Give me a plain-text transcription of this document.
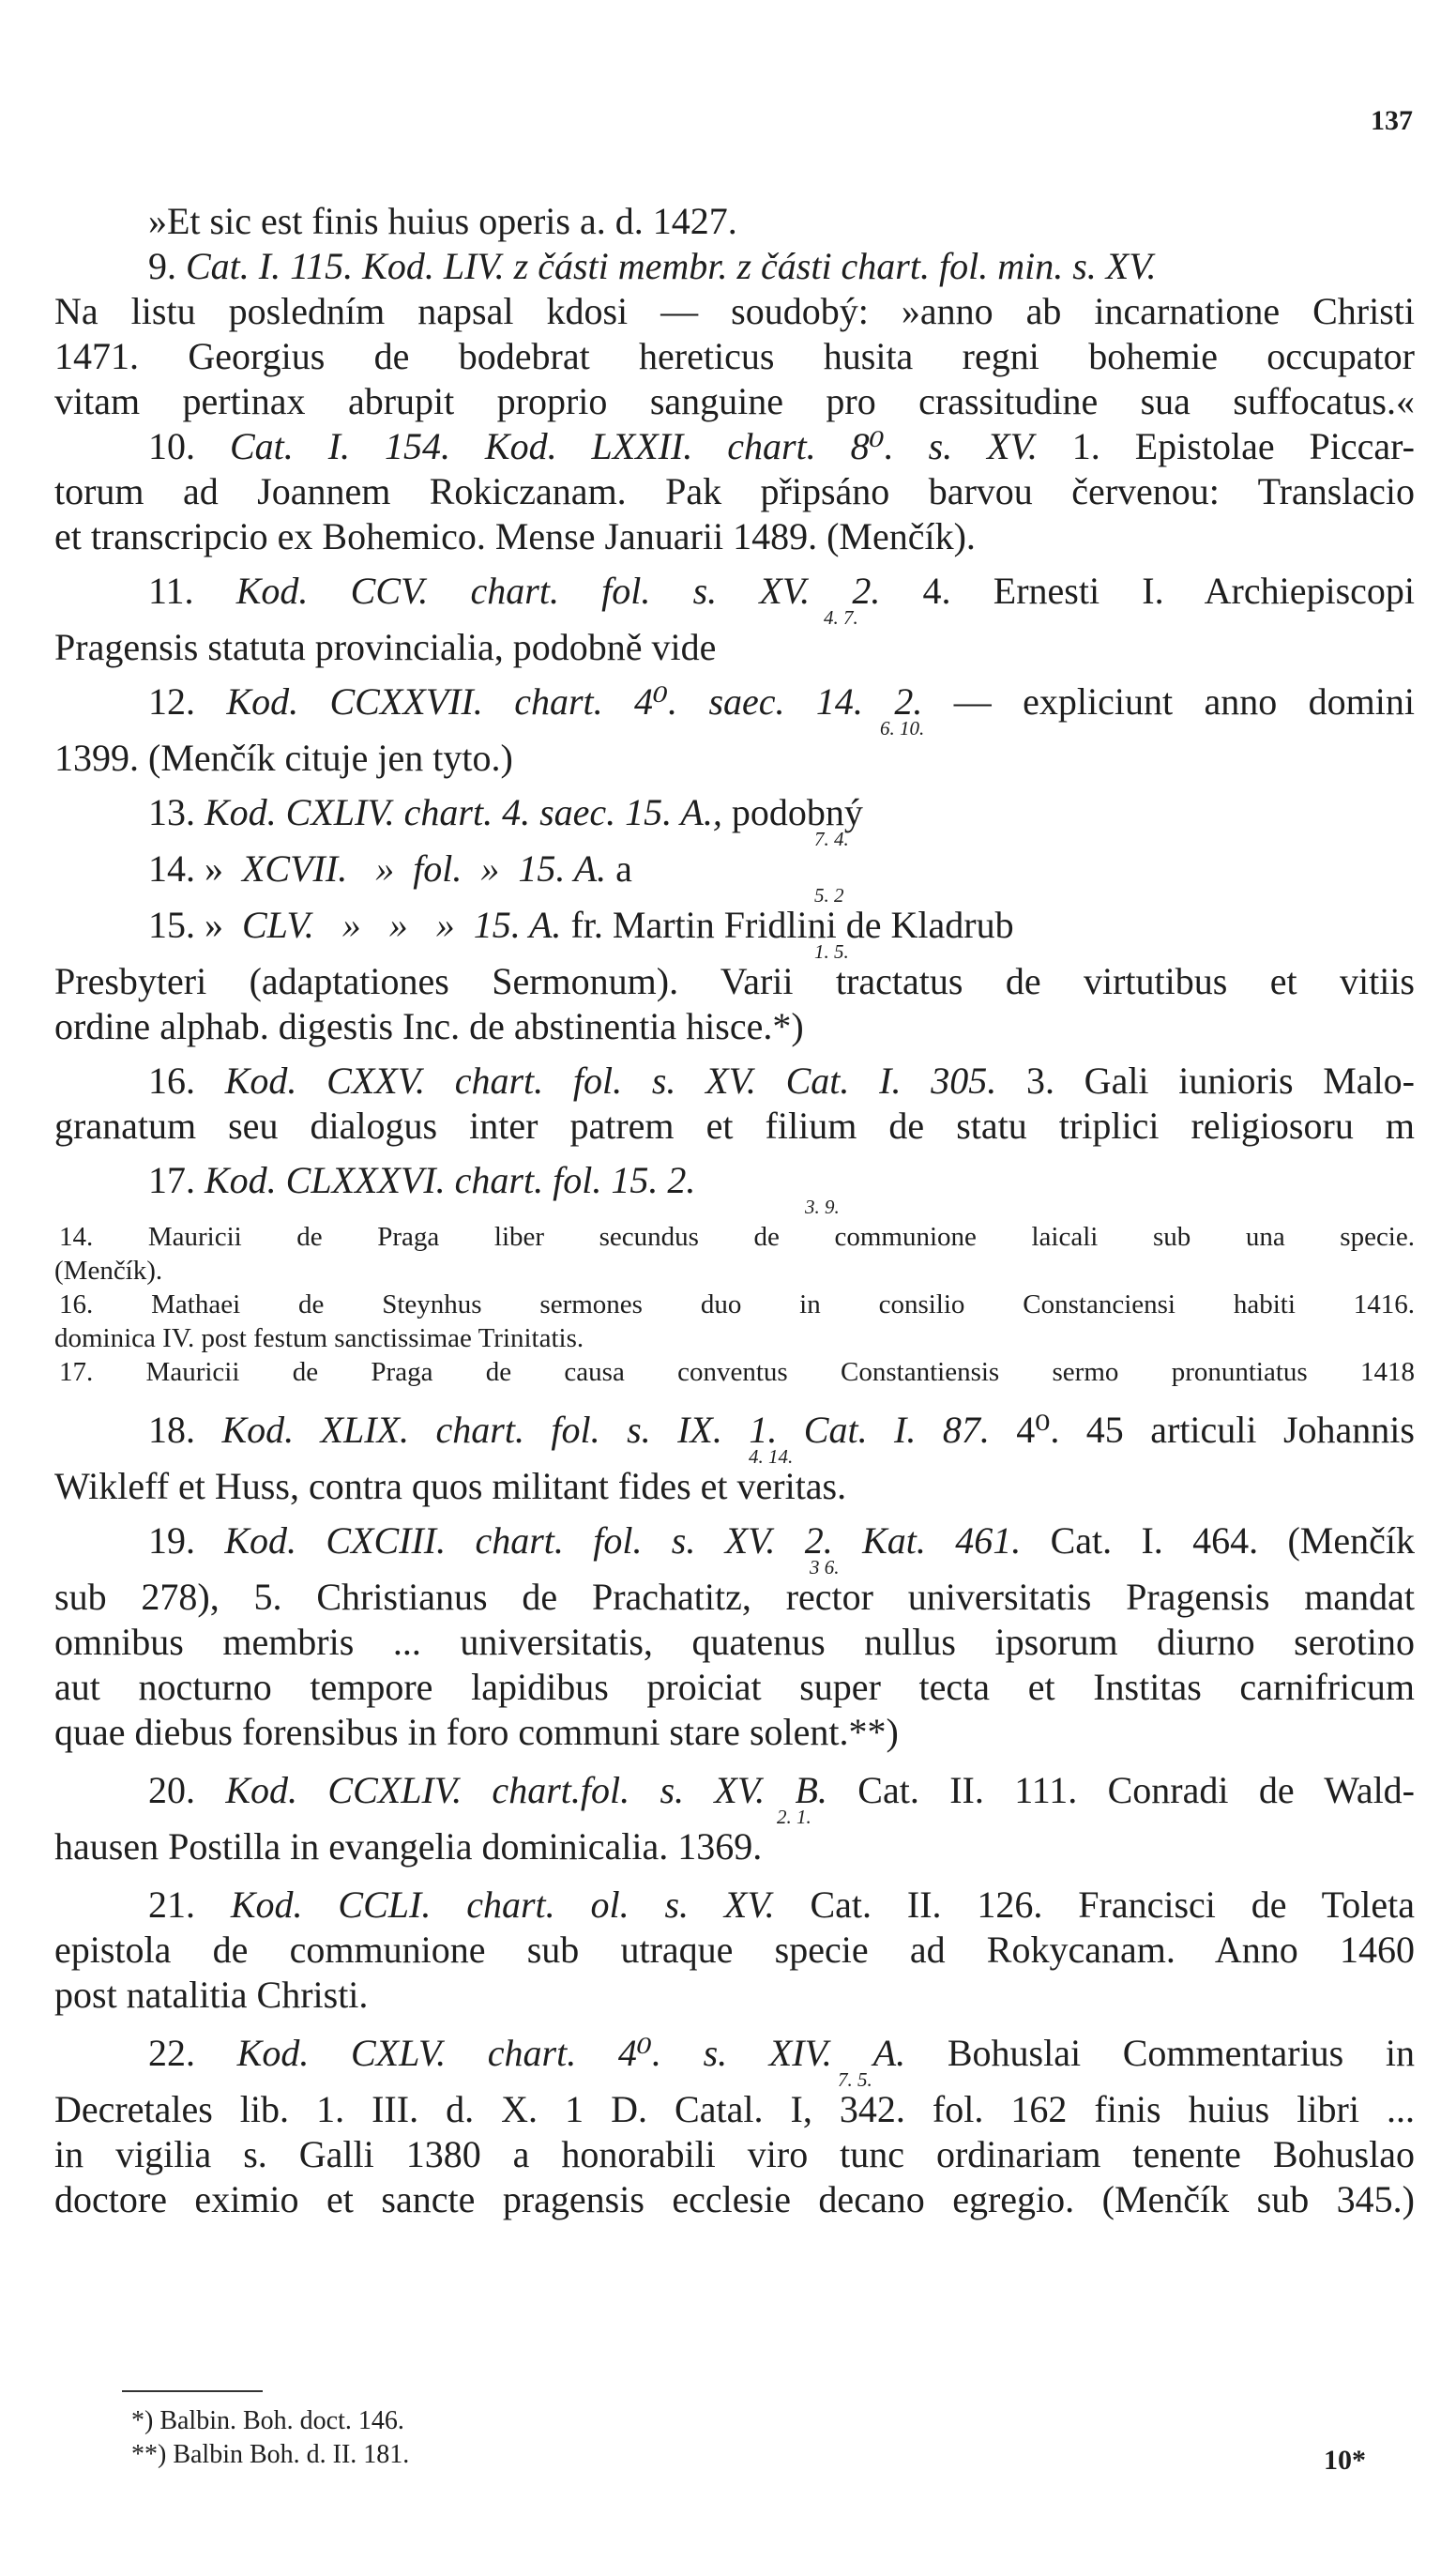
137
»Et sic est finis huius operis a. d. 1427.
9. Cat. I. 115. Kod. LIV. z části membr. z části chart. fol. min. s. XV.
Na listu posledním napsal kdosi — soudobý: »anno ab incarnatione Christi
1471. Georgius de bodebrat hereticus husita regni bohemie occupator
vitam pertinax abrupit proprio sanguine pro crassitudine sua suffocatus.«
10. Cat. I. 154. Kod. LXXII. chart. 8⁰. s. XV. 1. Epistolae Piccar-
torum ad Joannem Rokiczanam. Pak připsáno barvou červenou: Translacio
et transcripcio ex Bohemico. Mense Januarii 1489. (Menčík).
11. Kod. CCV. chart. fol. s. XV. 2. 4. Ernesti I. Archiepiscopi
4. 7.
Pragensis statuta provincialia, podobně vide
12. Kod. CCXXVII. chart. 4⁰. saec. 14. 2. — expliciunt anno domini
6. 10.
1399. (Menčík cituje jen tyto.)
13. Kod. CXLIV. chart. 4. saec. 15. A., podobný
7. 4.
14. »  XCVII.   »  fol.  »  15. A. a
5. 2
15. »  CLV.   »   »   »  15. A. fr. Martin Fridlini de Kladrub
1. 5.
Presbyteri (adaptationes Sermonum). Varii tractatus de virtutibus et vitiis
ordine alphab. digestis Inc. de abstinentia hisce.*)
16. Kod. CXXV. chart. fol. s. XV. Cat. I. 305. 3. Gali iunioris Malo-
granatum seu dialogus inter patrem et filium de statu triplici religiosoru m
17. Kod. CLXXXVI. chart. fol. 15. 2.
3. 9.
14. Mauricii de Praga liber secundus de communione laicali sub una specie.
(Menčík).
16. Mathaei de Steynhus sermones duo in consilio Constanciensi habiti 1416.
dominica IV. post festum sanctissimae Trinitatis.
17. Mauricii de Praga de causa conventus Constantiensis sermo pronuntiatus 1418
18. Kod. XLIX. chart. fol. s. IX. 1. Cat. I. 87. 4⁰. 45 articuli Johannis
4. 14.
Wikleff et Huss, contra quos militant fides et veritas.
19. Kod. CXCIII. chart. fol. s. XV. 2. Kat. 461. Cat. I. 464. (Menčík
3 6.
sub 278), 5. Christianus de Prachatitz, rector universitatis Pragensis mandat
omnibus membris ... universitatis, quatenus nullus ipsorum diurno serotino
aut nocturno tempore lapidibus proiciat super tecta et Institas carnifricum
quae diebus forensibus in foro communi stare solent.**)
20. Kod. CCXLIV. chart.fol. s. XV. B. Cat. II. 111. Conradi de Wald-
2. 1.
hausen Postilla in evangelia dominicalia. 1369.
21. Kod. CCLI. chart. ol. s. XV. Cat. II. 126. Francisci de Toleta
epistola de communione sub utraque specie ad Rokycanam. Anno 1460
post natalitia Christi.
22. Kod. CXLV. chart. 4⁰. s. XIV. A. Bohuslai Commentarius in
7. 5.
Decretales lib. 1. III. d. X. 1 D. Catal. I, 342. fol. 162 finis huius libri ...
in vigilia s. Galli 1380 a honorabili viro tunc ordinariam tenente Bohuslao
doctore eximio et sancte pragensis ecclesie decano egregio. (Menčík sub 345.)
*) Balbin. Boh. doct. 146.
**) Balbin Boh. d. II. 181.	10*
